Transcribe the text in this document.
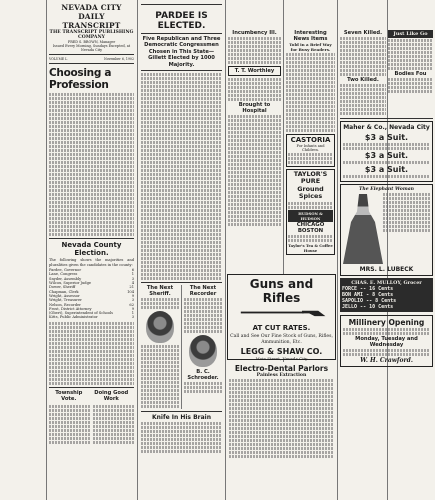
NEVADA CITY DAILY TRANSCRIPT
THE TRANSCRIPT PUBLISHING COMPANY
FRED S. BROWN, Manager
Issued Every Morning, Sundays Excepted, at Nevada City
VOLUME L	November 6, 1902
Choosing a Profession
Nevada County Election.
The following shows the majorities and pluralities given the candidates in the county:
Pardee, Governor	6
Lane, Congress	1
Snyder, Assembly	3
Wilcox, Superior Judge	4
Dower, Sheriff	21
Chapman, Clerk	104
Wright, Assessor	9
Wright, Treasurer	3
Nelson, Recorder	62
Frost, District Attorney	9
(Obert), Superintendent of Schools	1
Kitts, Public Administrator	3
Township Vote.
Doing Good Work
PARDEE IS ELECTED.
Five Republican and Three Democratic Congressmen Chosen in This State—Gillett Elected by 1000 Majority.
The Next Sheriff.
The Next Recorder
B. C. Schroeder.
Knife In His Brain
Incumbency Ill.
T. T. Worthley
Brought to Hospital
Guns and Rifles
AT CUT RATES.
Call and See Our Fine Stock of Guns, Rifles, Ammunition, Etc.
LEGG & SHAW CO.
Main Street, Nevada City
Electro-Dental Parlors
Painless Extraction
Interesting News Items
Told in a Brief Way for Busy Readers.
CASTORIA
For Infants and Children.
TAYLOR'S PURE Ground Spices
HUDSON & HUDSON
CHICAGO
BOSTON
Taylor's Tea & Coffee House
Seven Killed.
Two Killed.
Just Like Go
Bodies Fou
Maher & Co., Nevada City
$3 a Suit.
$3 a Suit.
$3 a Suit.
The Elephant Woman
MRS. L. LUBECK
CHAS. E. MULLOY, Grocer
FORCE -- 16 Cents
BON AMI - 8 Cents
SAPOLIO -- 8 Cents
JELLO -- 10 Cents
Millinery Opening
Monday, Tuesday and Wednesday
W. H. Crawford.
